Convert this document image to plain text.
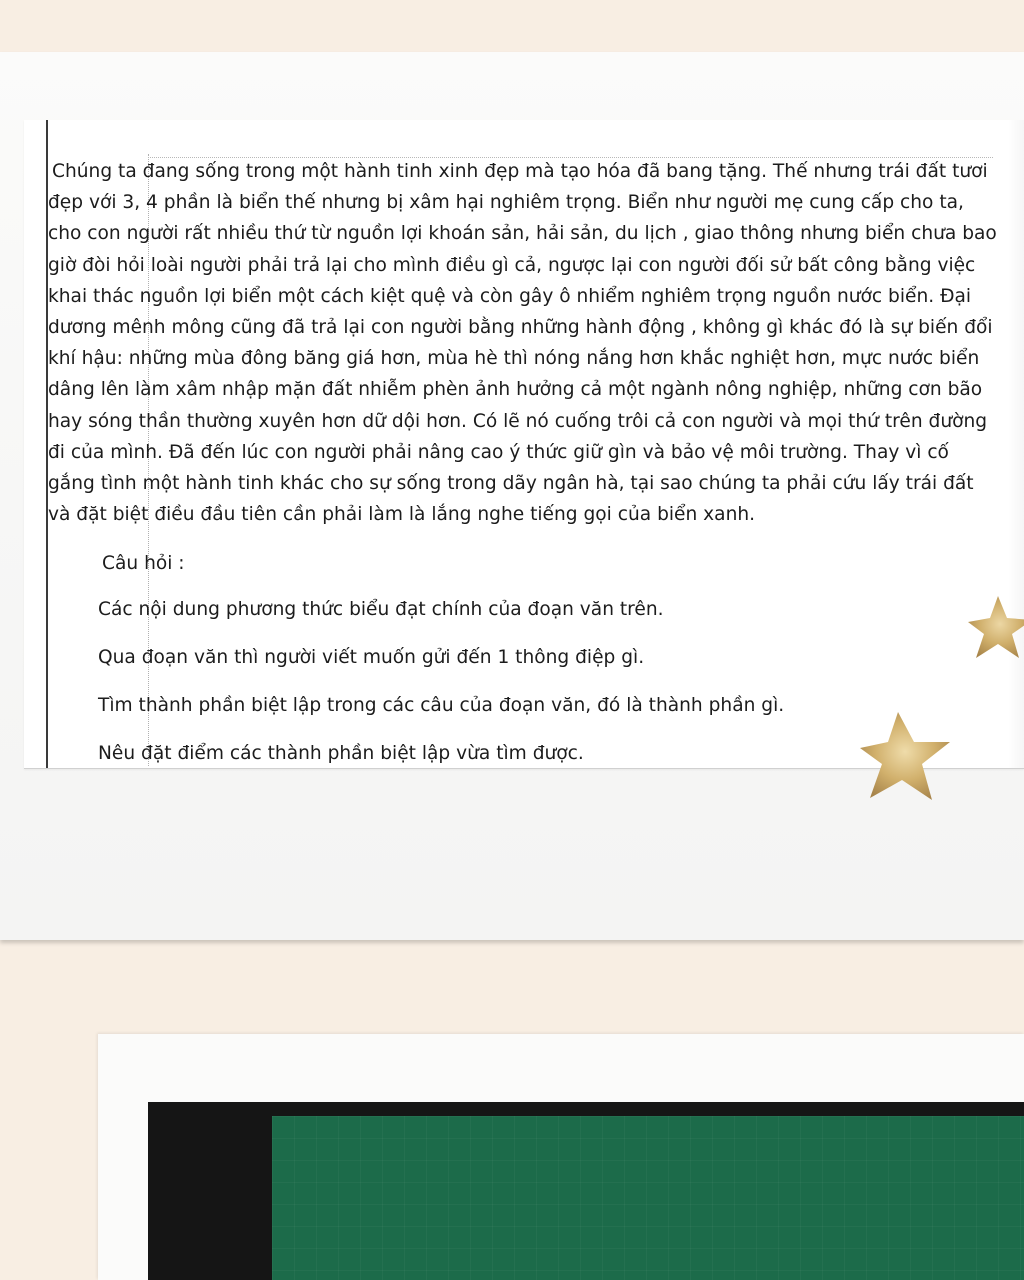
Chúng ta đang sống trong một hành tinh xinh đẹp mà tạo hóa đã bang tặng. Thế nhưng trái đất tươi đẹp với 3, 4 phần là biển thế nhưng bị xâm hại nghiêm trọng. Biển như người mẹ cung cấp cho ta, cho con người rất nhiều thứ từ nguồn lợi khoán sản, hải sản, du lịch , giao thông nhưng biển chưa bao giờ đòi hỏi loài người phải trả lại cho mình điều gì cả, ngược lại con người đối sử bất công bằng việc khai thác nguồn lợi biển một cách kiệt quệ và còn gây ô nhiểm nghiêm trọng nguồn nước biển. Đại dương mênh mông cũng đã trả lại con người bằng những hành động , không gì khác đó là sự biến đổi khí hậu: những mùa đông băng giá hơn, mùa hè thì nóng nắng hơn khắc nghiệt hơn, mực nước biển dâng lên làm xâm nhập mặn đất nhiễm phèn ảnh hưởng cả một ngành nông nghiệp, những cơn bão hay sóng thần thường xuyên hơn dữ dội hơn. Có lẽ nó cuống trôi cả con người và mọi thứ trên đường đi của mình. Đã đến lúc con người phải nâng cao ý thức giữ gìn và bảo vệ môi trường. Thay vì cố gắng tình một hành tinh khác cho sự sống trong dãy ngân hà, tại sao chúng ta phải cứu lấy trái đất và đặt biệt điều đầu tiên cần phải làm là lắng nghe tiếng gọi của biển xanh.

Câu hỏi :

Các nội dung phương thức biểu đạt chính của đoạn văn trên.
Qua đoạn văn thì người viết muốn gửi đến 1 thông điệp gì.
Tìm thành phần biệt lập trong các câu của đoạn văn, đó là thành phần gì.
Nêu đặt điểm các thành phần biệt lập vừa tìm được.
